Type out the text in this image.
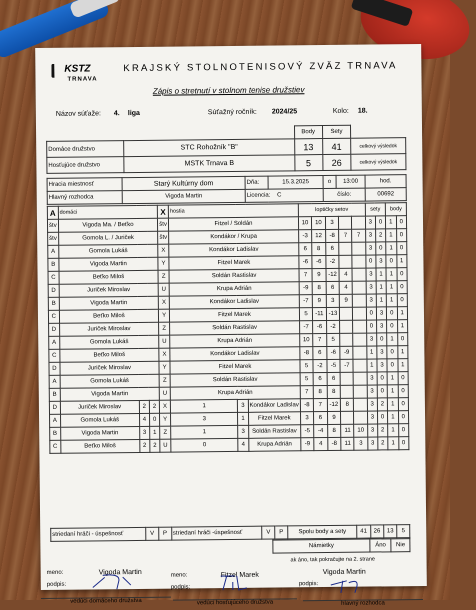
KSTZ
TRNAVA
KRAJSKÝ STOLNOTENISOVÝ ZVÄZ TRNAVA
Zápis o stretnutí v stolnom tenise družstiev
Názov súťaže: 4. liga	Súťažný ročník: 2024/25	Kolo: 18.
		Body	Sety	
Domáce družstvo	STC Rohožník "B"	13	41	celkový výsledok
Hosťujúce družstvo	MSTK Trnava B	5	26	celkový výsledok
Hracia miestnosť	Starý Kultúrny dom	Dňa:	15.3.2025	o	13:00	hod.
Hlavný rozhodca	Vigoda Martin	Licencia: C		číslo:		00692
A	domáci			X	hostia			loptičky setov					sety		body	
štv	Vigoda Ma. / Beťko			štv	Fitzel / Soldán			10	10	3			3	0	1	0
štv	Gomola L. / Juriček			štv	Kondákor / Krupa			-3	12	-8	7	7	3	2	1	0
A	Gomola Lukáš			X	Kondákor Ladislav			6	8	6			3	0	1	0
B	Vigoda Martin			Y	Fitzel Marek			-6	-6	-2			0	3	0	1
C	Beťko Miloš			Z	Soldán Rastislav			7	9	-12	4		3	1	1	0
D	Juriček Miroslav			U	Krupa Adrián			-9	8	6	4		3	1	1	0
B	Vigoda Martin			X	Kondákor Ladislav			-7	9	3	9		3	1	1	0
C	Beťko Miloš			Y	Fitzel Marek			5	-11	-13			0	3	0	1
D	Juriček Miroslav			Z	Soldán Rastislav			-7	-6	-2			0	3	0	1
A	Gomola Lukáš			U	Krupa Adrián			10	7	5			3	0	1	0
C	Beťko Miloš			X	Kondákor Ladislav			-8	6	-6	-9		1	3	0	1
D	Juriček Miroslav			Y	Fitzel Marek			5	-2	-5	-7		1	3	0	1
A	Gomola Lukáš			Z	Soldán Rastislav			5	6	6			3	0	1	0
B	Vigoda Martin			U	Krupa Adrián			7	8	8			3	0	1	0
D	Juriček Miroslav	2	2	X	1	3	Kondákor Ladislav	-8	7	-12	8		3	2	1	0
A	Gomola Lukáš	4	0	Y	3	1	Fitzel Marek	3	6	9			3	0	1	0
B	Vigoda Martin	3	1	Z	1	3	Soldán Rastislav	-5	-4	8	11	10	3	2	1	0
C	Beťko Miloš	2	2	U	0	4	Krupa Adrián	-9	4	-8	11	3	3	2	1	0
striedaní hráči - úspešnosť	V	P	striedaní hráči -úspešnosť	V	P	Spolu body a sety	41	26	13	5
Námietky	Áno	Nie
ak áno, tak pokračujte na 2. strane
meno:	Vigoda Martin	meno:	Fitzel Marek	Vigoda Martin
podpis:	podpis:
podpis:
vedúci domáceho družstva	vedúci hosťujúceho družstva	hlavný rozhodca
